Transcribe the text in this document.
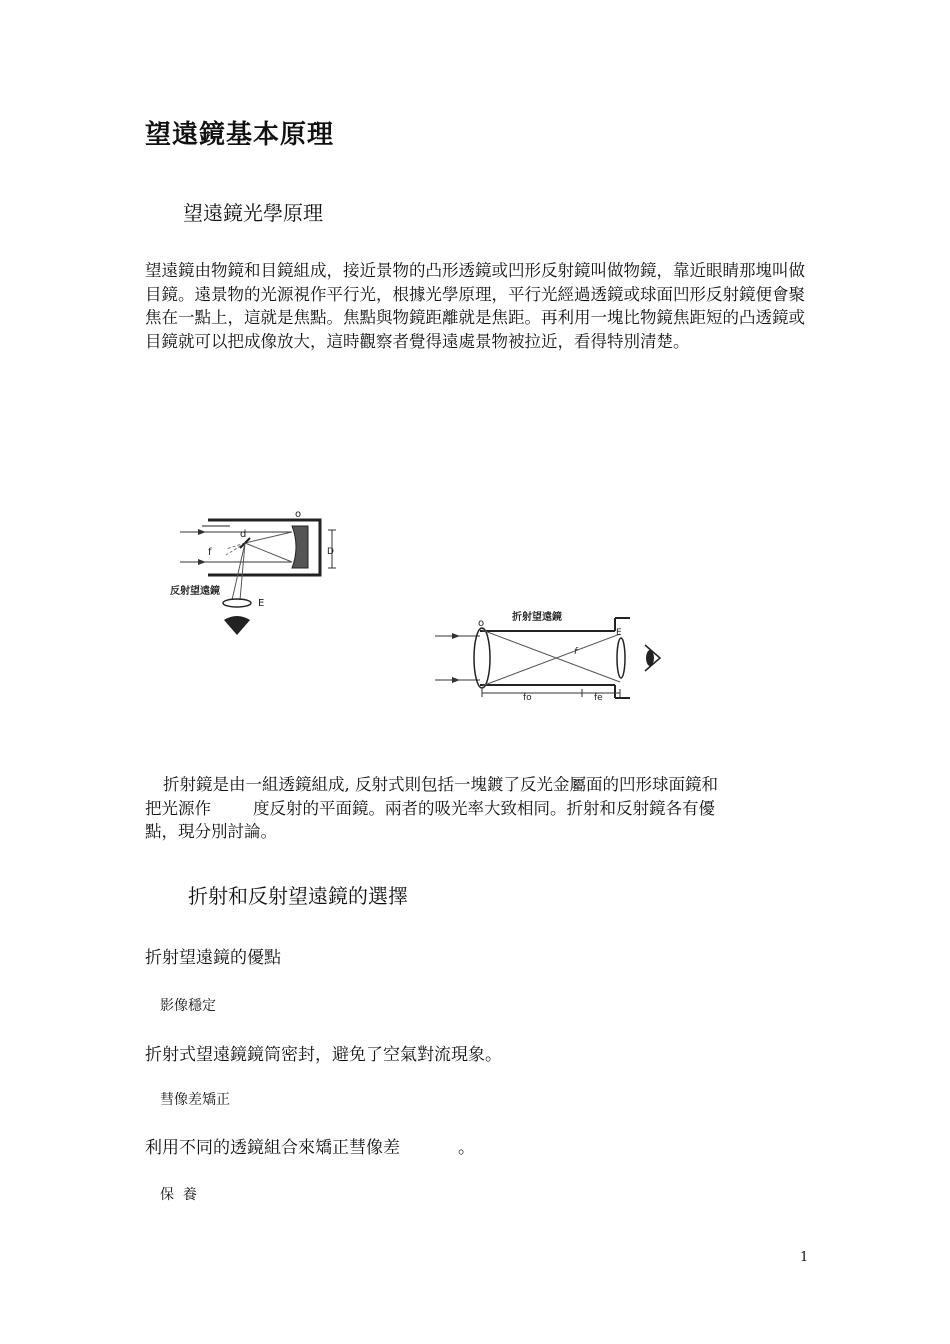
望遠鏡基本原理
望遠鏡光學原理

望遠鏡由物鏡和目鏡組成，接近景物的凸形透鏡或凹形反射鏡叫做物鏡，靠近眼睛那塊叫做目鏡。遠景物的光源視作平行光，根據光學原理，平行光經過透鏡或球面凹形反射鏡便會聚焦在一點上，這就是焦點。焦點與物鏡距離就是焦距。再利用一塊比物鏡焦距短的凸透鏡或目鏡就可以把成像放大，這時觀察者覺得遠處景物被拉近，看得特別清楚。

o
d
f	D
E
反射望遠鏡
o
f
E
fo	fe
折射望遠鏡

折射鏡是由一組透鏡組成, 反射式則包括一塊鍍了反光金屬面的凹形球面鏡和
把光源作	度反射的平面鏡。兩者的吸光率大致相同。折射和反射鏡各有優
點，現分別討論。

折射和反射望遠鏡的選擇

折射望遠鏡的優點

影像穩定

折射式望遠鏡鏡筒密封，避免了空氣對流現象。

彗像差矯正

利用不同的透鏡組合來矯正彗像差	。

保  養

1
